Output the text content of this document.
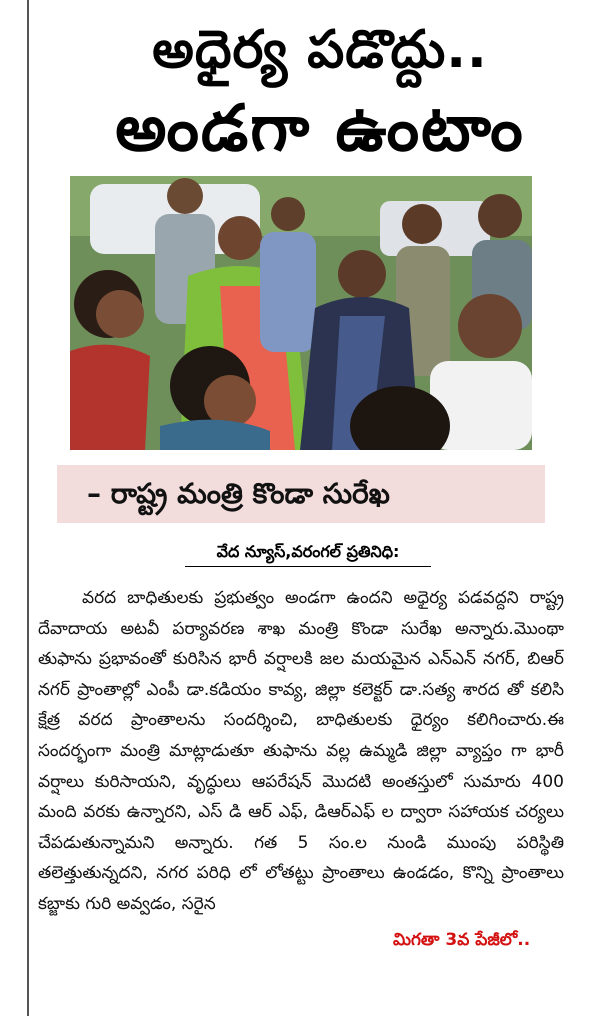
అధైర్య పడొద్దు..
అండగా ఉంటాం
– రాష్ట్ర మంత్రి కొండా సురేఖ
వేద న్యూస్,వరంగల్ ప్రతినిధి:

వరద బాధితులకు ప్రభుత్వం అండగా ఉందని అధైర్య పడవద్దని రాష్ట్ర దేవాదాయ అటవీ పర్యావరణ శాఖ మంత్రి కొండా సురేఖ అన్నారు.మొంథా తుఫాను ప్రభావంతో కురిసిన భారీ వర్షాలకి జల మయమైన ఎన్ఎన్ నగర్, బిఆర్ నగర్ ప్రాంతాల్లో ఎంపీ డా.కడియం కావ్య, జిల్లా కలెక్టర్ డా.సత్య శారద తో కలిసి క్షేత్ర వరద ప్రాంతాలను సందర్శించి, బాధితులకు ధైర్యం కలిగించారు.ఈ సందర్భంగా మంత్రి మాట్లాడుతూ తుఫాను వల్ల ఉమ్మడి జిల్లా వ్యాప్తం గా భారీ వర్షాలు కురిసాయని, వృద్ధులు ఆపరేషన్ మొదటి అంతస్తులో సుమారు 400 మంది వరకు ఉన్నారని, ఎస్ డి ఆర్ ఎఫ్, డిఆర్ఎఫ్ ల ద్వారా సహాయక చర్యలు చేపడుతున్నామని అన్నారు. గత 5 సం.ల నుండి ముంపు పరిస్థితి తలెత్తుతున్నదని, నగర పరిధి లో లోతట్టు ప్రాంతాలు ఉండడం, కొన్ని ప్రాంతాలు కబ్జాకు గురి అవ్వడం, సరైన

మిగతా 3వ పేజీలో..
